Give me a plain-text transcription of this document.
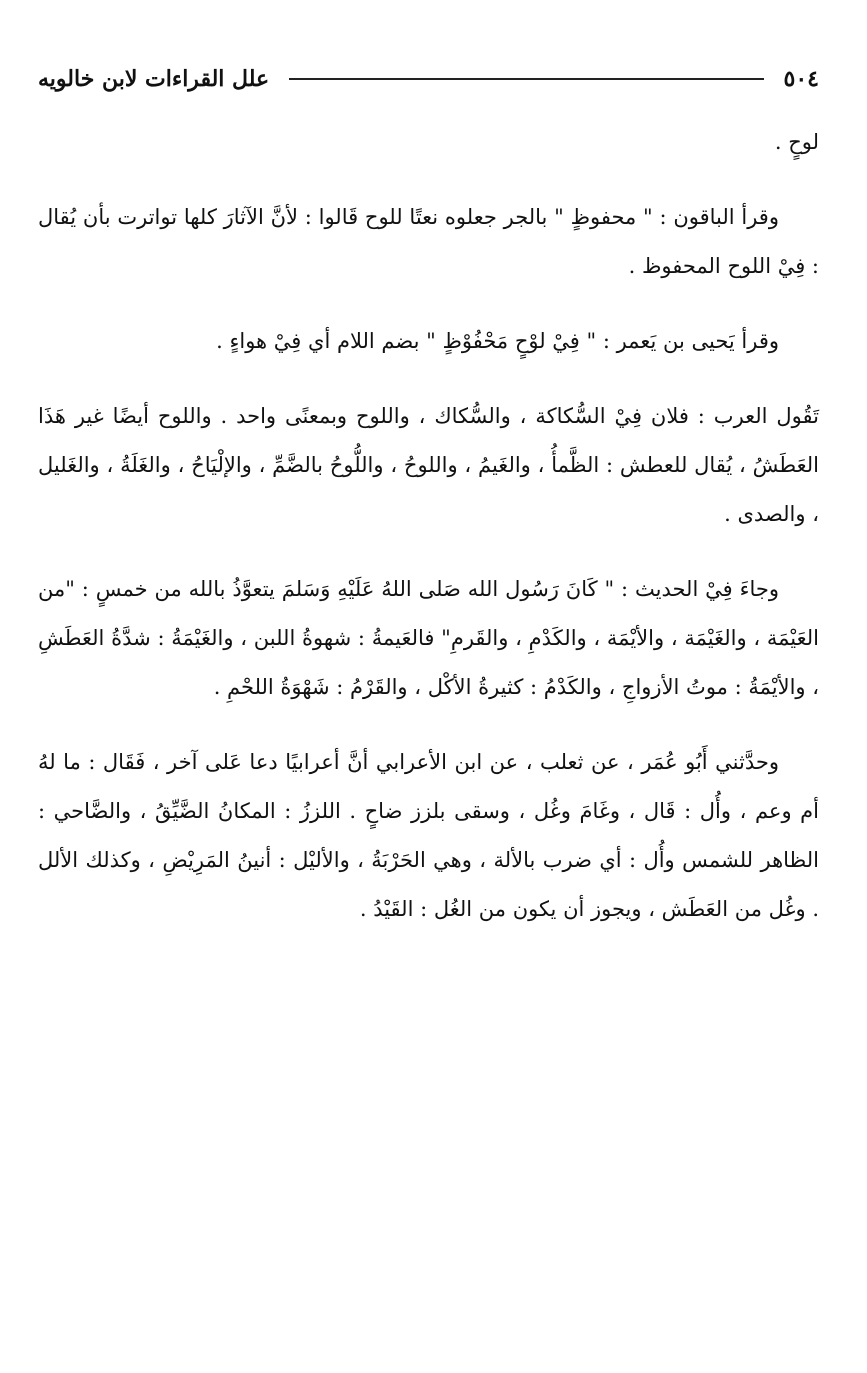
٥٠٤
علل القراءات لابن خالويه

لوحٍ .

وقرأ الباقون : " محفوظٍ " بالجر جعلوه نعتًا للوح قَالوا : لأنَّ الآثارَ كلها تواترت بأن يُقال : فِيْ اللوح المحفوظ .

وقرأ يَحيى بن يَعمر : " فِيْ لوْحٍ مَحْفُوْظٍ " بضم اللام أي فِيْ هواءٍ .

تَقُول العرب : فلان فِيْ السُّكاكة ، والسُّكاك ، واللوح وبمعنًى واحد . واللوح أيضًا غير هَذَا العَطَشُ ، يُقال للعطش : الظَّمأُ ، والغَيمُ ، واللوحُ ، واللُّوحُ بالضَّمِّ ، والإلْيَاحُ ، والغَلَةُ ، والغَليل ، والصدى .

وجاءَ فِيْ الحديث : " كَانَ رَسُول الله صَلى اللهُ عَلَيْهِ وَسَلمَ يتعوَّذُ بالله من خمسٍ : "من العَيْمَة ، والغَيْمَة ، والأيْمَة ، والكَدْمِ ، والقَرمِ" فالعَيمةُ : شهوةُ اللبن ، والغَيْمَةُ : شدَّةُ العَطَشِ ، والأيْمَةُ : موتُ الأزواجِ ، والكَدْمُ : كثيرةُ الأكْل ، والقَرْمُ : شَهْوَةُ اللحْمِ .

وحدَّثني أَبُو عُمَر ، عن ثعلب ، عن ابن الأعرابي أنَّ أعرابيًا دعا عَلى آخر ، فَقَال : ما لهُ أم وعم ، وأُل : قَال ، وغَامَ وغُل ، وسقى بلزز ضاحٍ . اللززُ : المكانُ الضَّيِّقُ ، والضَّاحي : الظاهر للشمس وأُل : أي ضرب بالألة ، وهي الحَرْبَةُ ، والأليْل : أنينُ المَرِيْضِ ، وكذلك الألل . وغُل من العَطَش ، ويجوز أن يكون من الغُل : القَيْدُ .
